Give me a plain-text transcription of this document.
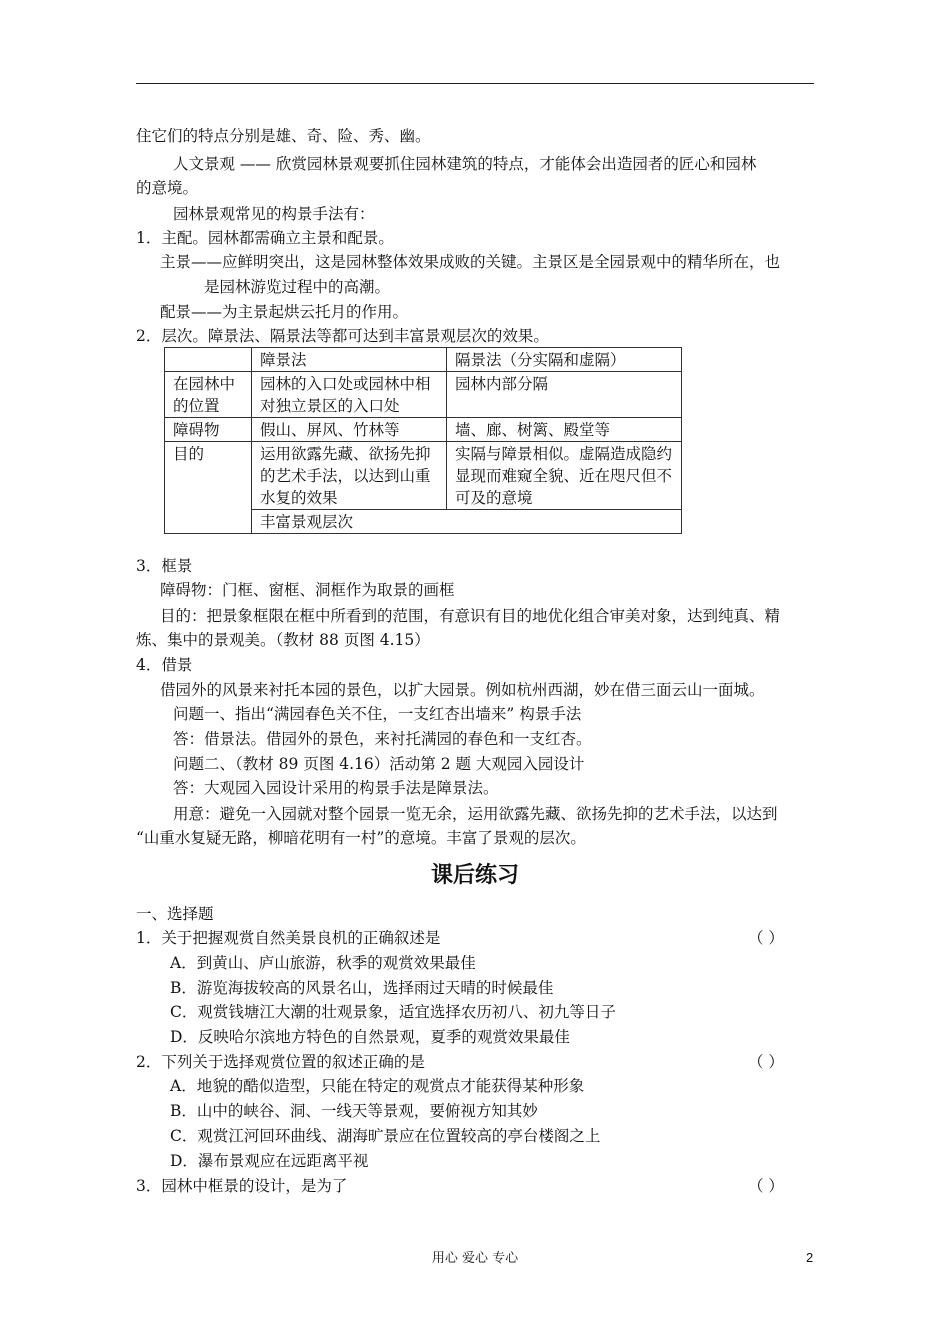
住它们的特点分别是雄、奇、险、秀、幽。
人文景观 —— 欣赏园林景观要抓住园林建筑的特点，才能体会出造园者的匠心和园林
的意境。
园林景观常见的构景手法有：
1．主配。园林都需确立主景和配景。
主景——应鲜明突出，这是园林整体效果成败的关键。主景区是全园景观中的精华所在，也
是园林游览过程中的高潮。
配景——为主景起烘云托月的作用。
2．层次。障景法、隔景法等都可达到丰富景观层次的效果。
	障景法	隔景法（分实隔和虚隔）
在园林中的位置	园林的入口处或园林中相对独立景区的入口处	园林内部分隔
障碍物	假山、屏风、竹林等	墙、廊、树篱、殿堂等
目的	运用欲露先藏、欲扬先抑的艺术手法，以达到山重水复的效果	实隔与障景相似。虚隔造成隐约显现而难窥全貌、近在咫尺但不可及的意境
	丰富景观层次	
3．框景
障碍物：门框、窗框、洞框作为取景的画框
目的：把景象框限在框中所看到的范围，有意识有目的地优化组合审美对象，达到纯真、精
炼、集中的景观美。（教材 88 页图 4.15）
4．借景
借园外的风景来衬托本园的景色，以扩大园景。例如杭州西湖，妙在借三面云山一面城。
问题一、指出“满园春色关不住，一支红杏出墙来” 构景手法
答：借景法。借园外的景色，来衬托满园的春色和一支红杏。
问题二、（教材 89 页图 4.16）活动第 2 题 大观园入园设计
答：大观园入园设计采用的构景手法是障景法。
用意：避免一入园就对整个园景一览无余，运用欲露先藏、欲扬先抑的艺术手法，以达到
“山重水复疑无路，柳暗花明有一村”的意境。丰富了景观的层次。
课后练习
一、选择题
1．关于把握观赏自然美景良机的正确叙述是	（ ）
A．到黄山、庐山旅游，秋季的观赏效果最佳
B．游览海拔较高的风景名山，选择雨过天晴的时候最佳
C．观赏钱塘江大潮的壮观景象，适宜选择农历初八、初九等日子
D．反映哈尔滨地方特色的自然景观，夏季的观赏效果最佳
2．下列关于选择观赏位置的叙述正确的是	（ ）
A．地貌的酷似造型，只能在特定的观赏点才能获得某种形象
B．山中的峡谷、洞、一线天等景观，要俯视方知其妙
C．观赏江河回环曲线、湖海旷景应在位置较高的亭台楼阁之上
D．瀑布景观应在远距离平视
3．园林中框景的设计，是为了	（ ）
用心 爱心 专心	2
